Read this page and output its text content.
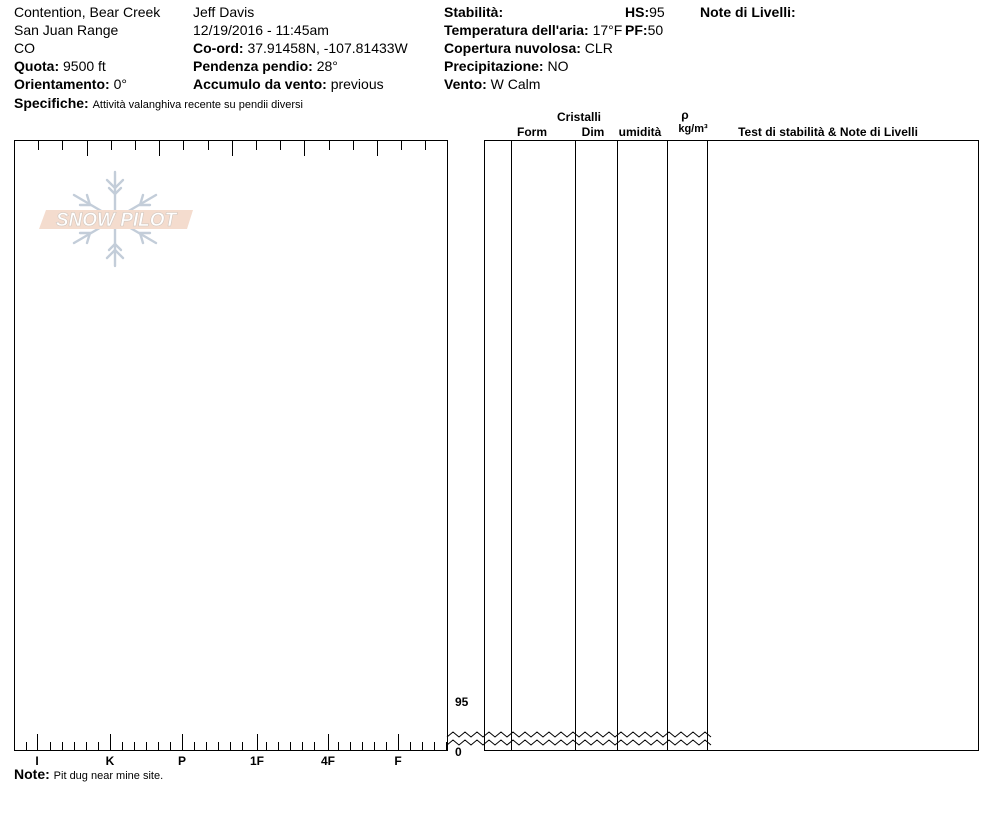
Contention, Bear Creek
San Juan Range
CO
Quota: 9500 ft
Orientamento: 0°
Specifiche: Attività valanghiva recente su pendii diversi
Jeff Davis
12/19/2016 - 11:45am
Co-ord: 37.91458N, -107.81433W
Pendenza pendio: 28°
Accumulo da vento: previous
Stabilità:
Temperatura dell'aria: 17°F
Copertura nuvolosa: CLR
Precipitazione: NO
Vento: W Calm
HS:95
PF:50
Note di Livelli:
Cristalli
Form	Dim	umidità
ρ
kg/m³	Test di stabilità & Note di Livelli
I	K	P	1F	4F	F
95
0
SNOW PILOT
Note: Pit dug near mine site.
